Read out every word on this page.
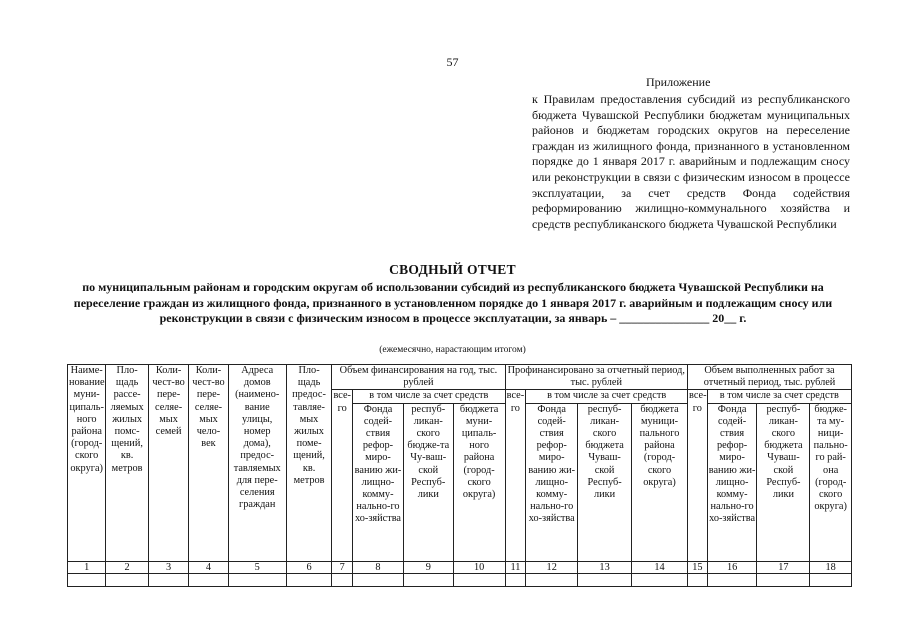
57
Приложение
к Правилам предоставления субсидий из республиканского бюджета Чувашской Республики бюджетам муниципальных районов и бюджетам городских округов на переселение граждан из жилищного фонда, признанного в установленном порядке до 1 января 2017 г. аварийным и подлежащим сносу или реконструкции в связи с физическим износом в процессе эксплуатации, за счет средств Фонда содействия реформированию жилищно-коммунального хозяйства и средств республиканского бюджета Чувашской Республики
СВОДНЫЙ ОТЧЕТ
по муниципальным районам и городским округам об использовании субсидий из республиканского бюджета Чувашской Республики на переселение граждан из жилищного фонда, признанного в установленном порядке до 1 января 2017 г. аварийным и подлежащим сносу или реконструкции в связи с физическим износом в процессе эксплуатации, за январь – _______________ 20__ г.
(ежемесячно, нарастающим итогом)
Наиме-нование муни-ципаль-ного района (город-ского округа)	Пло-щадь рассе-ляемых жилых помс-щений, кв. метров	Коли-чест-во пере-селяе-мых семей	Коли-чест-во пере-селяе-мых чело-век	Адреса домов (наимено-вание улицы, номер дома), предос-тавляемых для пере-селения граждан	Пло-щадь предос-тавляе-мых жилых поме-щений, кв. метров	Объем финансирования на год, тыс. рублей				Профинансировано за отчетный период, тыс. рублей				Объем выполненных работ за отчетный период, тыс. рублей			
						все-го	в том числе за счет средств			все-го	в том числе за счет средств			все-го	в том числе за счет средств		
							Фонда содей-ствия рефор-миро-ванию жи-лищно-комму-нально-го хо-зяйства	респуб-ликан-ского бюдже-та Чу-ваш-ской Респуб-лики	бюджета муни-ципаль-ного района (город-ского округа)		Фонда содей-ствия рефор-миро-ванию жи-лищно-комму-нально-го хо-зяйства	респуб-ликан-ского бюджета Чуваш-ской Респуб-лики	бюджета муници-пального района (город-ского округа)		Фонда содей-ствия рефор-миро-ванию жи-лищно-комму-нально-го хо-зяйства	респуб-ликан-ского бюджета Чуваш-ской Респуб-лики	бюдже-та му-ници-пально-го рай-она (город-ского округа)
1	2	3	4	5	6	7	8	9	10	11	12	13	14	15	16	17	18
